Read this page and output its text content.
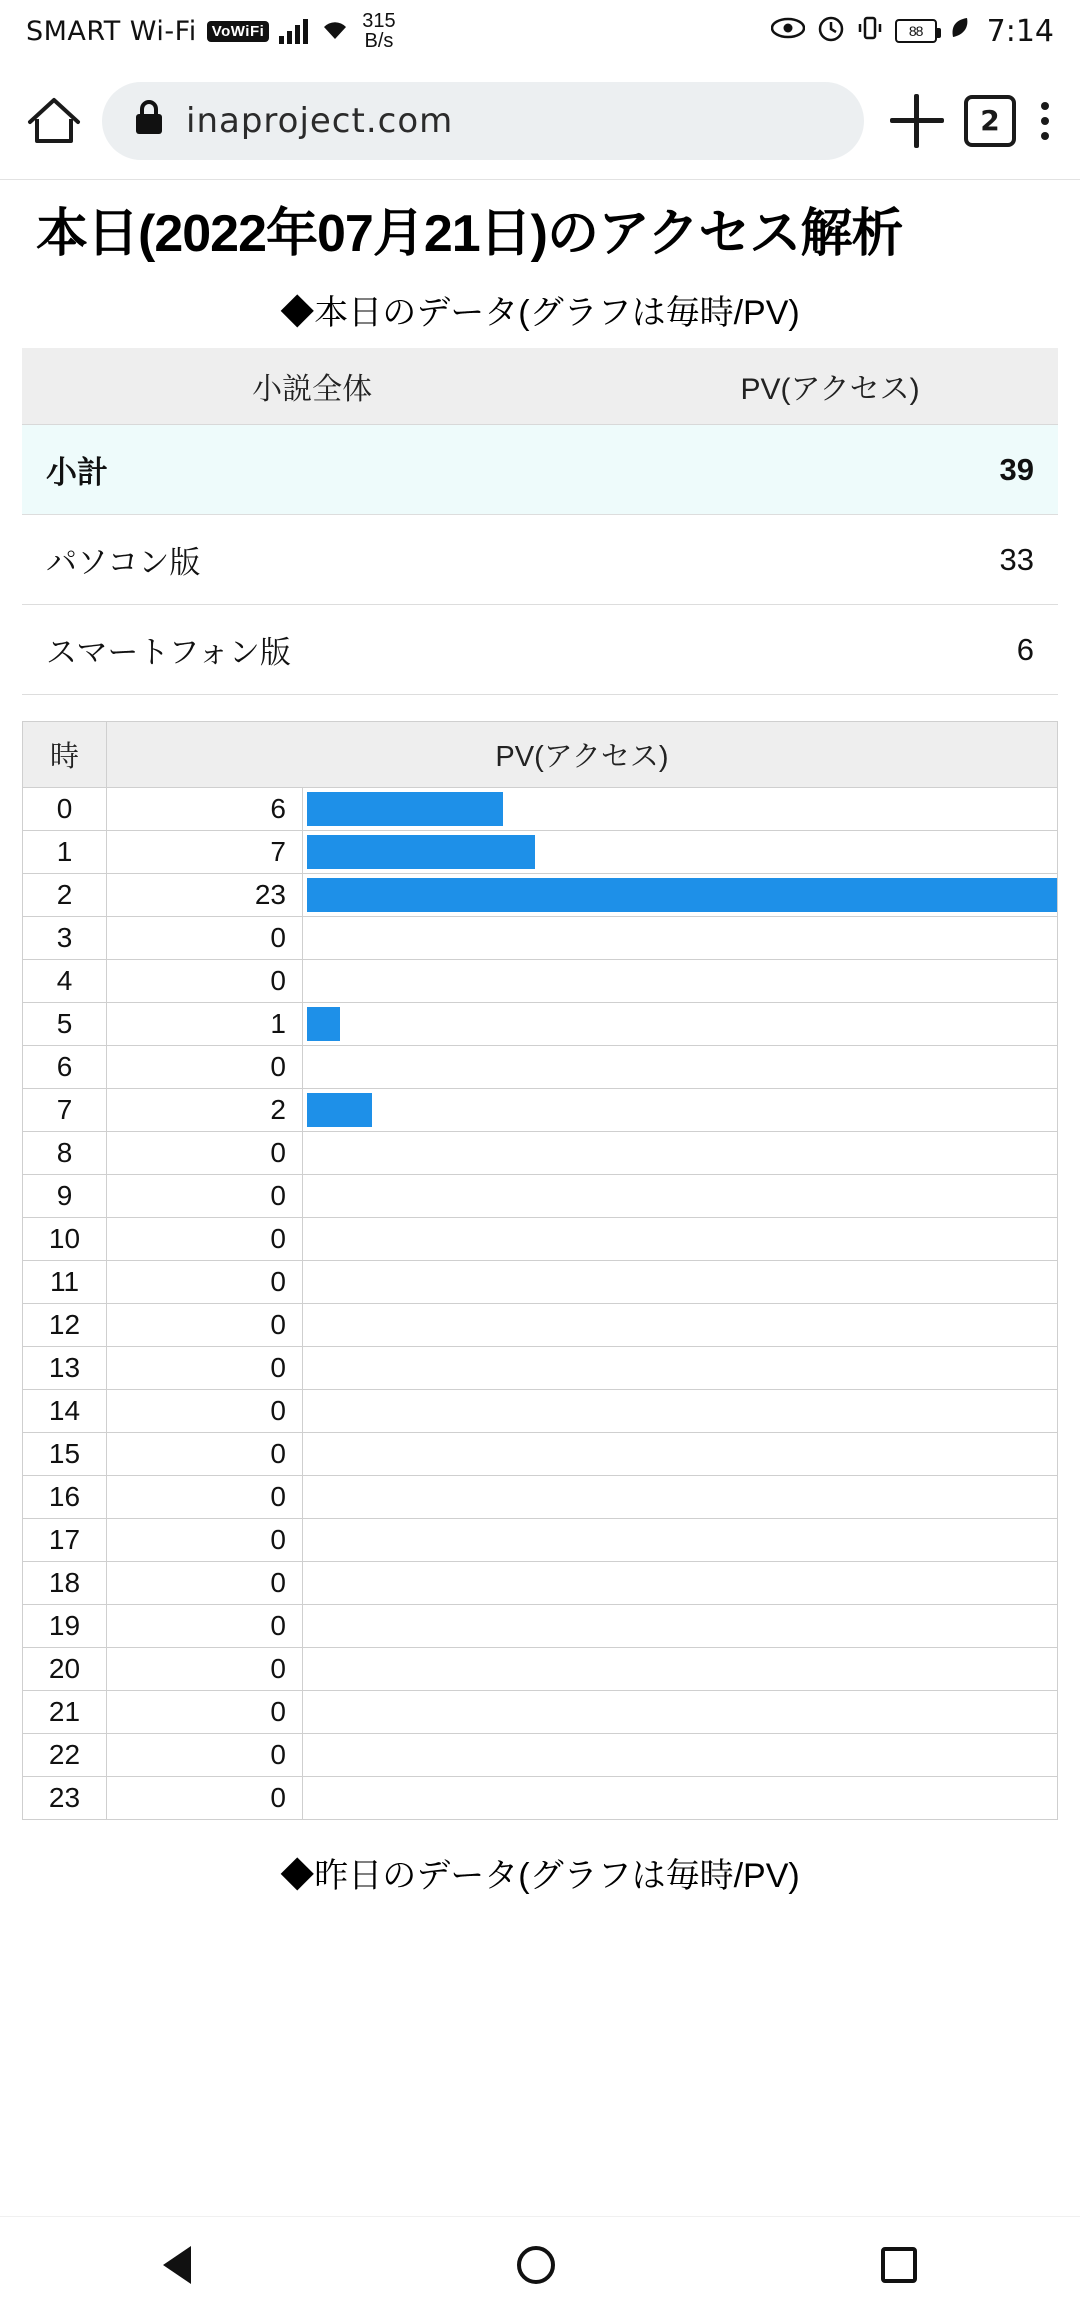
SMART Wi-Fi	VoWiFi	315
B/s	88 7:14
inaproject.com	2
本日(2022年07月21日)のアクセス解析
◆本日のデータ(グラフは毎時/PV)
小説全体	PV(アクセス)
小計	39
パソコン版	33
スマートフォン版	6
時	PV(アクセス)	
0	6	

1	7	

2	23	

3	0	
4	0	
5	1	

6	0	
7	2	

8	0	
9	0	
10	0	
11	0	
12	0	
13	0	
14	0	
15	0	
16	0	
17	0	
18	0	
19	0	
20	0	
21	0	
22	0	
23	0	
◆昨日のデータ(グラフは毎時/PV)
